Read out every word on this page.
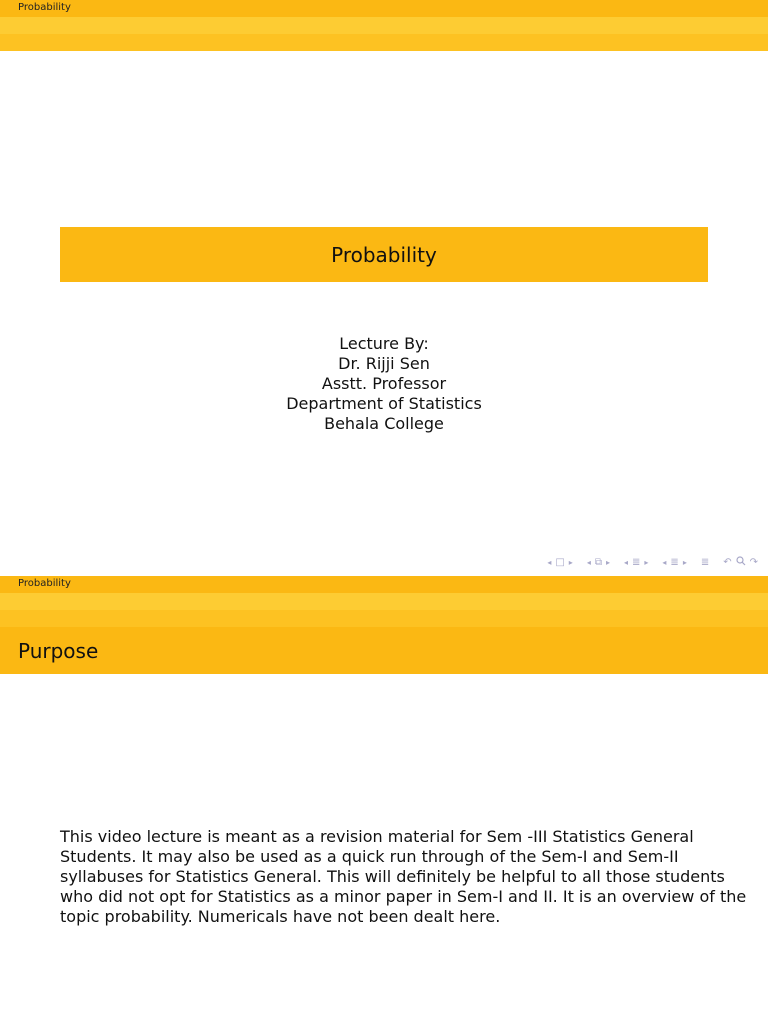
Probability
Probability
Lecture By:
Dr. Rijji Sen
Asstt. Professor
Department of Statistics
Behala College
◂ □ ▸ ◂ ⧉ ▸ ◂ ≣ ▸ ◂ ≣ ▸ ≣ ↶ ↷
Probability
Purpose
This video lecture is meant as a revision material for Sem -III Statistics General
Students. It may also be used as a quick run through of the Sem-I and Sem-II
syllabuses for Statistics General. This will definitely be helpful to all those students
who did not opt for Statistics as a minor paper in Sem-I and II. It is an overview of the
topic probability. Numericals have not been dealt here.
